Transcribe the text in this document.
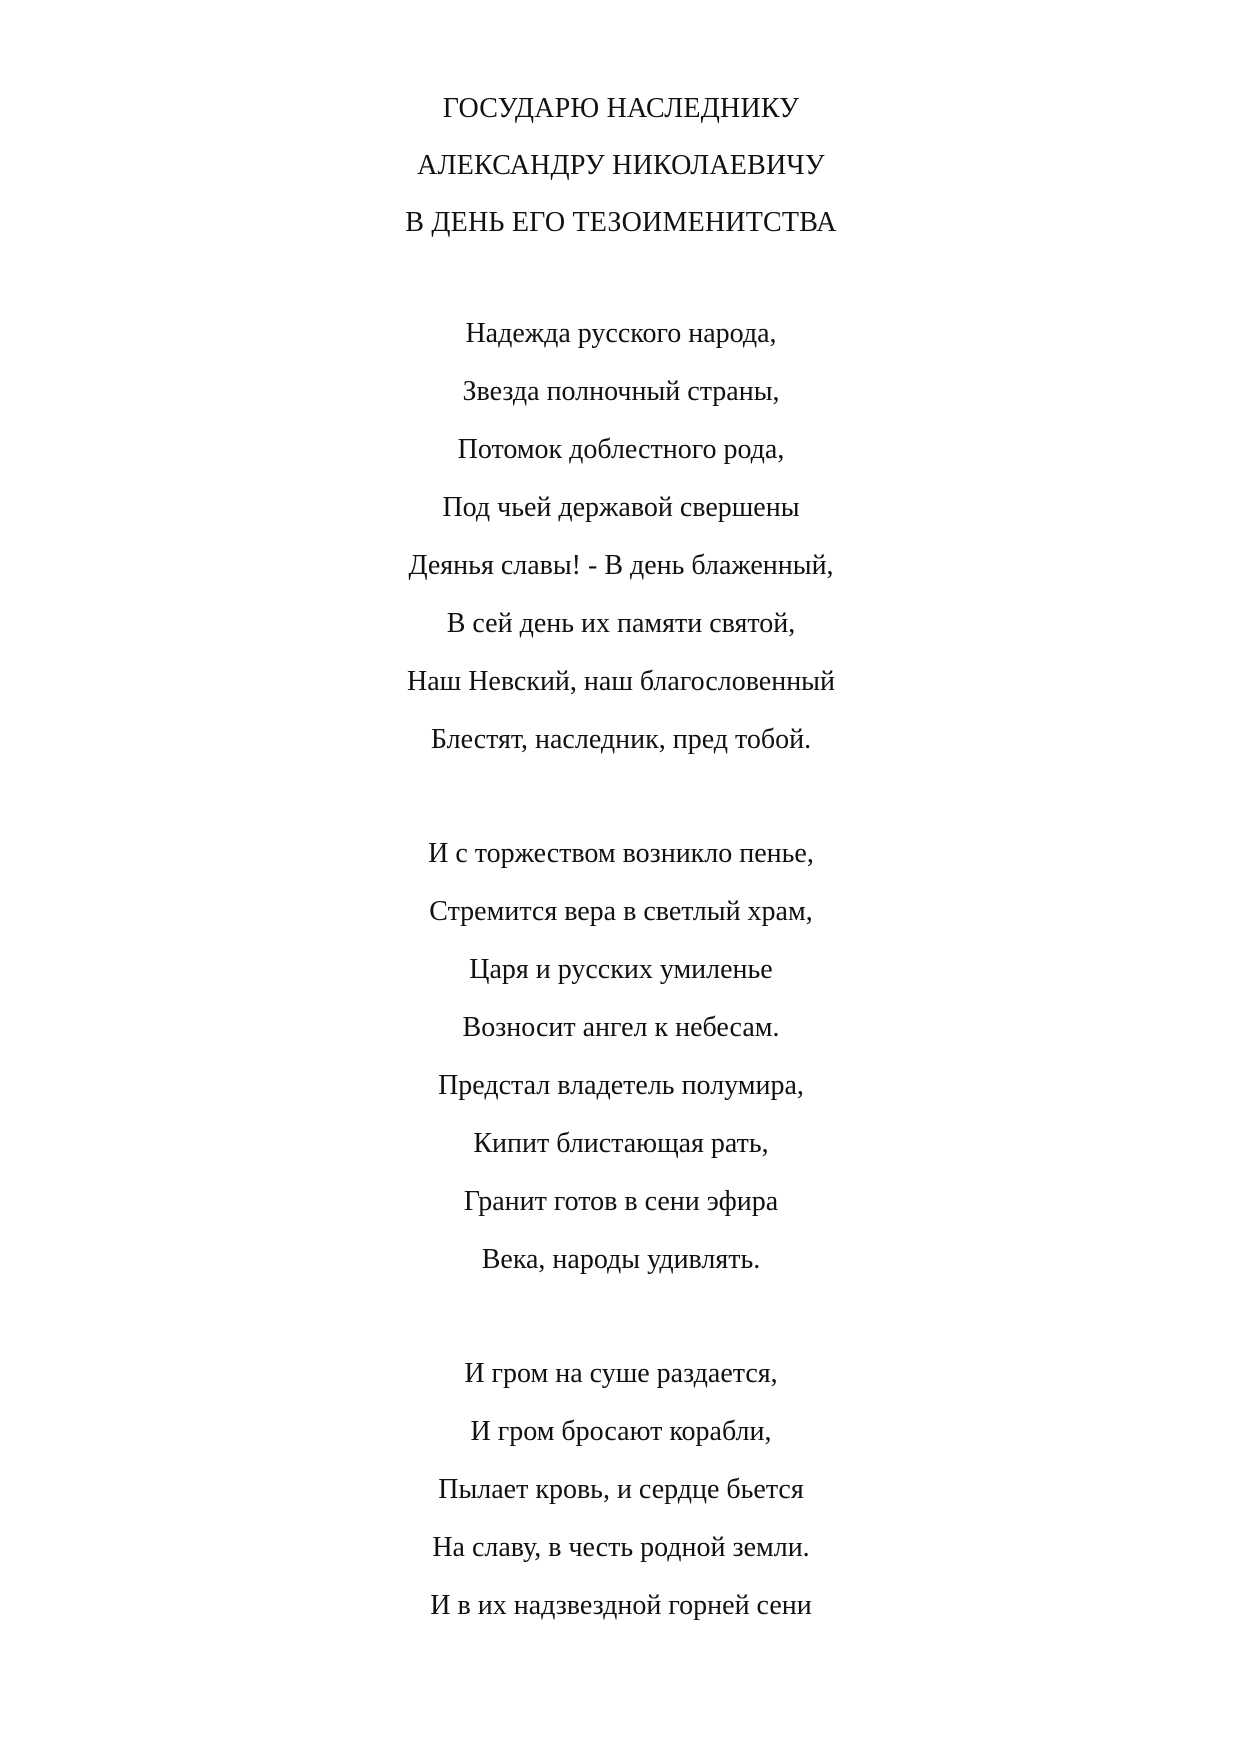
ГОСУДАРЮ НАСЛЕДНИКУ
АЛЕКСАНДРУ НИКОЛАЕВИЧУ
В ДЕНЬ ЕГО ТЕЗОИМЕНИТСТВА
Надежда русского народа,
Звезда полночный страны,
Потомок доблестного рода,
Под чьей державой свершены
Деянья славы! - В день блаженный,
В сей день их памяти святой,
Наш Невский, наш благословенный
Блестят, наследник, пред тобой.
И с торжеством возникло пенье,
Стремится вера в светлый храм,
Царя и русских умиленье
Возносит ангел к небесам.
Предстал владетель полумира,
Кипит блистающая рать,
Гранит готов в сени эфира
Века, народы удивлять.
И гром на суше раздается,
И гром бросают корабли,
Пылает кровь, и сердце бьется
На славу, в честь родной земли.
И в их надзвездной горней сени
